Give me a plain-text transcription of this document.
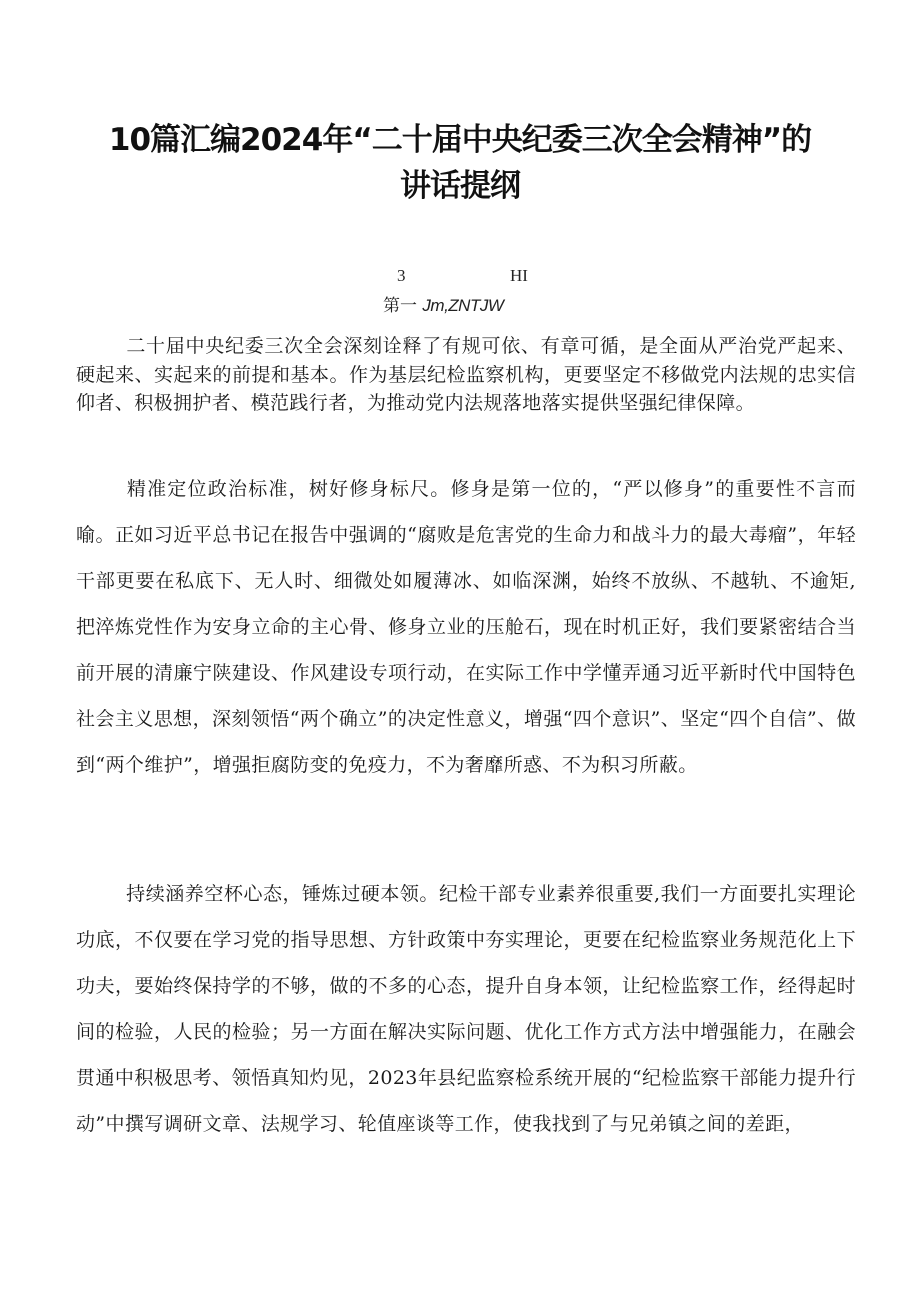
10篇汇编2024年“二十届中央纪委三次全会精神”的
讲话提纲
3	HI
第一 Jm,ZNTJW

二十届中央纪委三次全会深刻诠释了有规可依、有章可循，是全面从严治党严起来、硬起来、实起来的前提和基本。作为基层纪检监察机构，更要坚定不移做党内法规的忠实信仰者、积极拥护者、模范践行者，为推动党内法规落地落实提供坚强纪律保障。

精准定位政治标准，树好修身标尺。修身是第一位的，“严以修身”的重要性不言而喻。正如习近平总书记在报告中强调的“腐败是危害党的生命力和战斗力的最大毒瘤”，年轻干部更要在私底下、无人时、细微处如履薄冰、如临深渊，始终不放纵、不越轨、不逾矩,把淬炼党性作为安身立命的主心骨、修身立业的压舱石，现在时机正好，我们要紧密结合当前开展的清廉宁陕建设、作风建设专项行动，在实际工作中学懂弄通习近平新时代中国特色社会主义思想，深刻领悟“两个确立”的决定性意义，增强“四个意识”、坚定“四个自信”、做到“两个维护”，增强拒腐防变的免疫力，不为奢靡所惑、不为积习所蔽。

持续涵养空杯心态，锤炼过硬本领。纪检干部专业素养很重要,我们一方面要扎实理论功底，不仅要在学习党的指导思想、方针政策中夯实理论，更要在纪检监察业务规范化上下功夫，要始终保持学的不够，做的不多的心态，提升自身本领，让纪检监察工作，经得起时间的检验，人民的检验；另一方面在解决实际问题、优化工作方式方法中增强能力，在融会贯通中积极思考、领悟真知灼见，2023年县纪监察检系统开展的“纪检监察干部能力提升行动”中撰写调研文章、法规学习、轮值座谈等工作，使我找到了与兄弟镇之间的差距，
